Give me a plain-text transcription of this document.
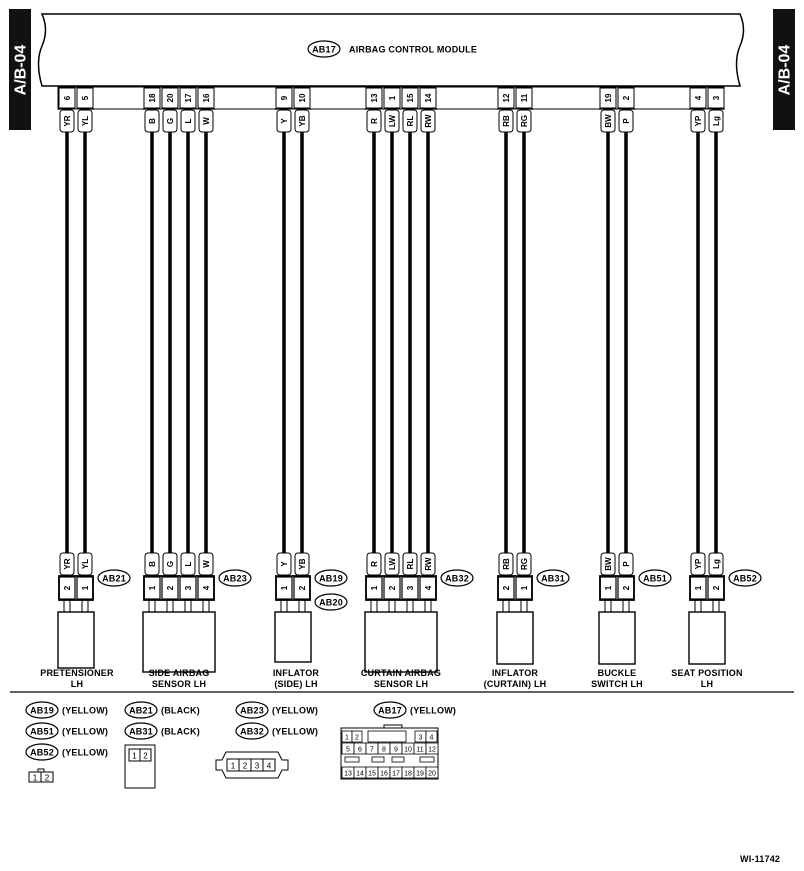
AB17 AIRBAG CONTROL MODULE
A/B-04	A/B-04
6
YR
YR
2
5
YL
YL
1
AB21
PRETENSIONER
LH
18
B
B
1
20
G
G
2
17
L
L
3
16
W
W
4
AB23
SIDE AIRBAG
SENSOR LH
9
Y
Y
1
10
YB
YB
2
AB19
AB20
INFLATOR
(SIDE) LH
13
R
R
1
1
LW
LW
2
15
RL
RL
3
14
RW
RW
4
AB32
CURTAIN AIRBAG
SENSOR LH
12
RB
RB
2
11
RG
RG
1
AB31
INFLATOR
(CURTAIN) LH
19
BW
BW
1
2
P
P
2
AB51
BUCKLE
SWITCH LH
4
YP
YP
1
3
Lg
Lg
2
AB52
SEAT POSITION
LH
AB19 (YELLOW)
AB51 (YELLOW)
AB52 (YELLOW)
AB21 (BLACK)
AB31 (BLACK)
AB23 (YELLOW)
AB32 (YELLOW)
AB17 (YELLOW)
1 2
1 2
1 2 3 4
1 2	3 4
5 6 7 8 9 10 11 12
13 14 15 16 17 18 19 20
WI-11742
